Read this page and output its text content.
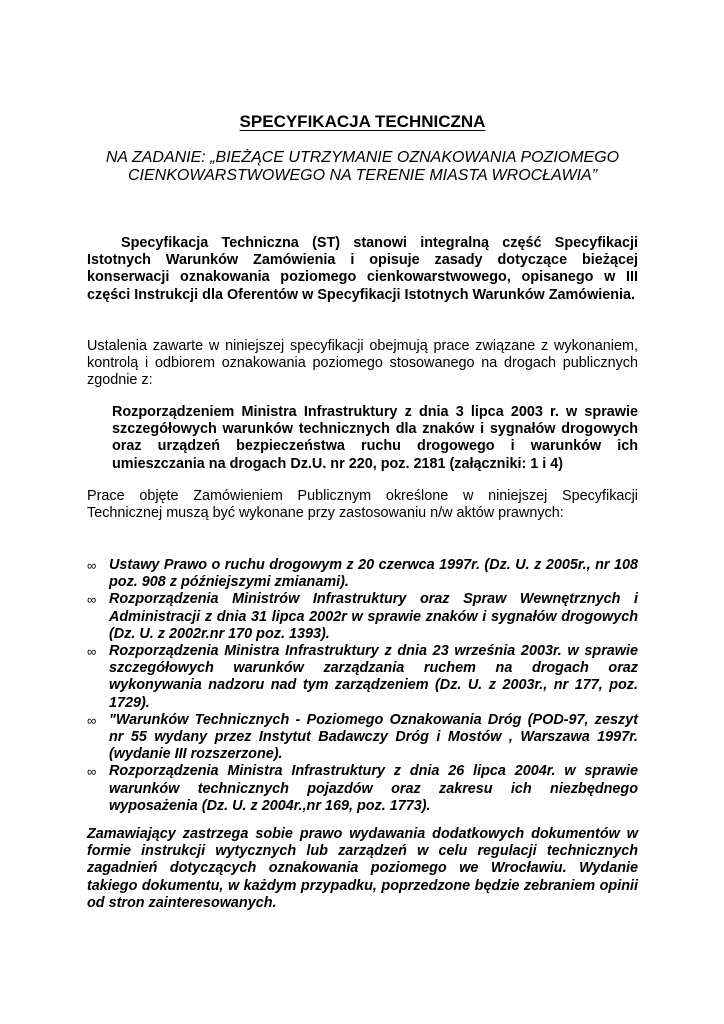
SPECYFIKACJA TECHNICZNA
NA ZADANIE: „BIEŻĄCE UTRZYMANIE OZNAKOWANIA POZIOMEGO
CIENKOWARSTWOWEGO NA TERENIE MIASTA WROCŁAWIA”

Specyfikacja Techniczna (ST) stanowi integralną część Specyfikacji Istotnych Warunków Zamówienia i opisuje zasady dotyczące bieżącej konserwacji oznakowania poziomego cienkowarstwowego, opisanego w III części Instrukcji dla Oferentów w Specyfikacji Istotnych Warunków Zamówienia.

Ustalenia zawarte w niniejszej specyfikacji obejmują prace związane z wykonaniem, kontrolą i odbiorem oznakowania poziomego stosowanego na drogach publicznych zgodnie z:

Rozporządzeniem Ministra Infrastruktury z dnia 3 lipca 2003 r. w sprawie szczegółowych warunków technicznych dla znaków i sygnałów drogowych oraz urządzeń bezpieczeństwa ruchu drogowego i warunków ich umieszczania na drogach Dz.U. nr 220, poz. 2181 (załączniki: 1 i 4)

Prace objęte Zamówieniem Publicznym określone w niniejszej Specyfikacji Technicznej muszą być wykonane przy zastosowaniu n/w aktów prawnych:

∞ Ustawy Prawo o ruchu drogowym z 20 czerwca 1997r. (Dz. U. z 2005r., nr 108 poz. 908 z późniejszymi zmianami).
∞ Rozporządzenia Ministrów Infrastruktury oraz Spraw Wewnętrznych i Administracji z dnia 31 lipca 2002r w sprawie znaków i sygnałów drogowych (Dz. U. z 2002r.nr 170 poz. 1393).
∞ Rozporządzenia Ministra Infrastruktury z dnia 23 września 2003r. w sprawie szczegółowych warunków zarządzania ruchem na drogach oraz wykonywania nadzoru nad tym zarządzeniem (Dz. U. z 2003r., nr 177, poz. 1729).
∞ "Warunków Technicznych - Poziomego Oznakowania Dróg (POD-97, zeszyt nr 55 wydany przez Instytut Badawczy Dróg i Mostów , Warszawa 1997r. (wydanie III rozszerzone).
∞ Rozporządzenia Ministra Infrastruktury z dnia 26 lipca 2004r. w sprawie warunków technicznych pojazdów oraz zakresu ich niezbędnego wyposażenia (Dz. U. z 2004r.,nr 169, poz. 1773).

Zamawiający zastrzega sobie prawo wydawania dodatkowych dokumentów w formie instrukcji wytycznych lub zarządzeń w celu regulacji technicznych zagadnień dotyczących oznakowania poziomego we Wrocławiu. Wydanie takiego dokumentu, w każdym przypadku, poprzedzone będzie zebraniem opinii od stron zainteresowanych.
